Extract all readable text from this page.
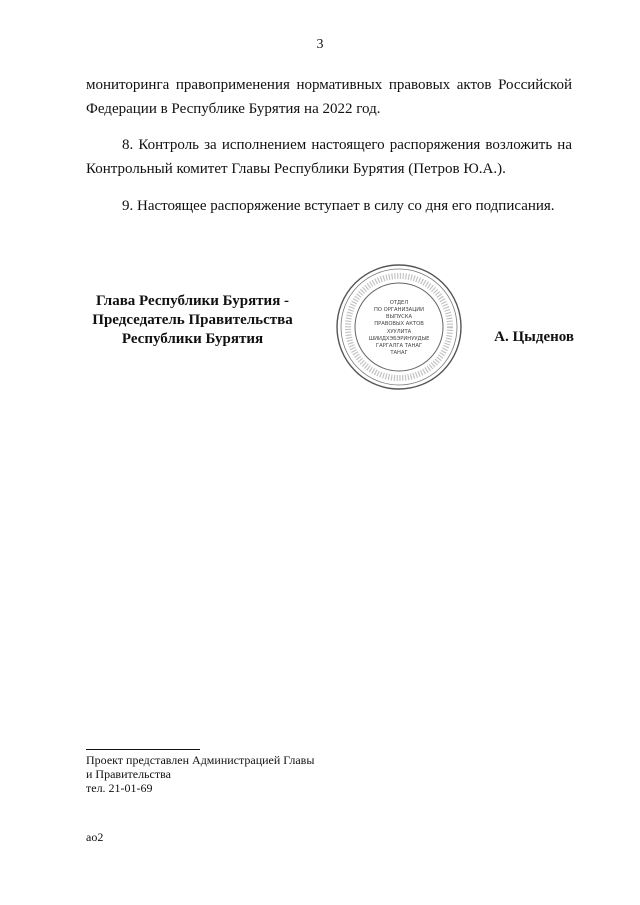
3
мониторинга правоприменения нормативных правовых актов Российской
Федерации в Республике Бурятия на 2022 год.
8. Контроль за исполнением настоящего распоряжения возложить на
Контрольный комитет Главы Республики Бурятия (Петров Ю.А.).
9. Настоящее распоряжение вступает в силу со дня его подписания.
Глава Республики Бурятия -
Председатель Правительства
Республики Бурятия
ОТДЕЛ
ПО ОРГАНИЗАЦИИ
ВЫПУСКА
ПРАВОВЫХ АКТОВ
ХУУЛИТА
ШИИДХЭБЭРИНУУДЫЕ
ГАРГАЛГА ТАНАГ
ТАНАГ
А. Цыденов
Проект представлен Администрацией Главы
и Правительства
тел. 21-01-69
ао2
